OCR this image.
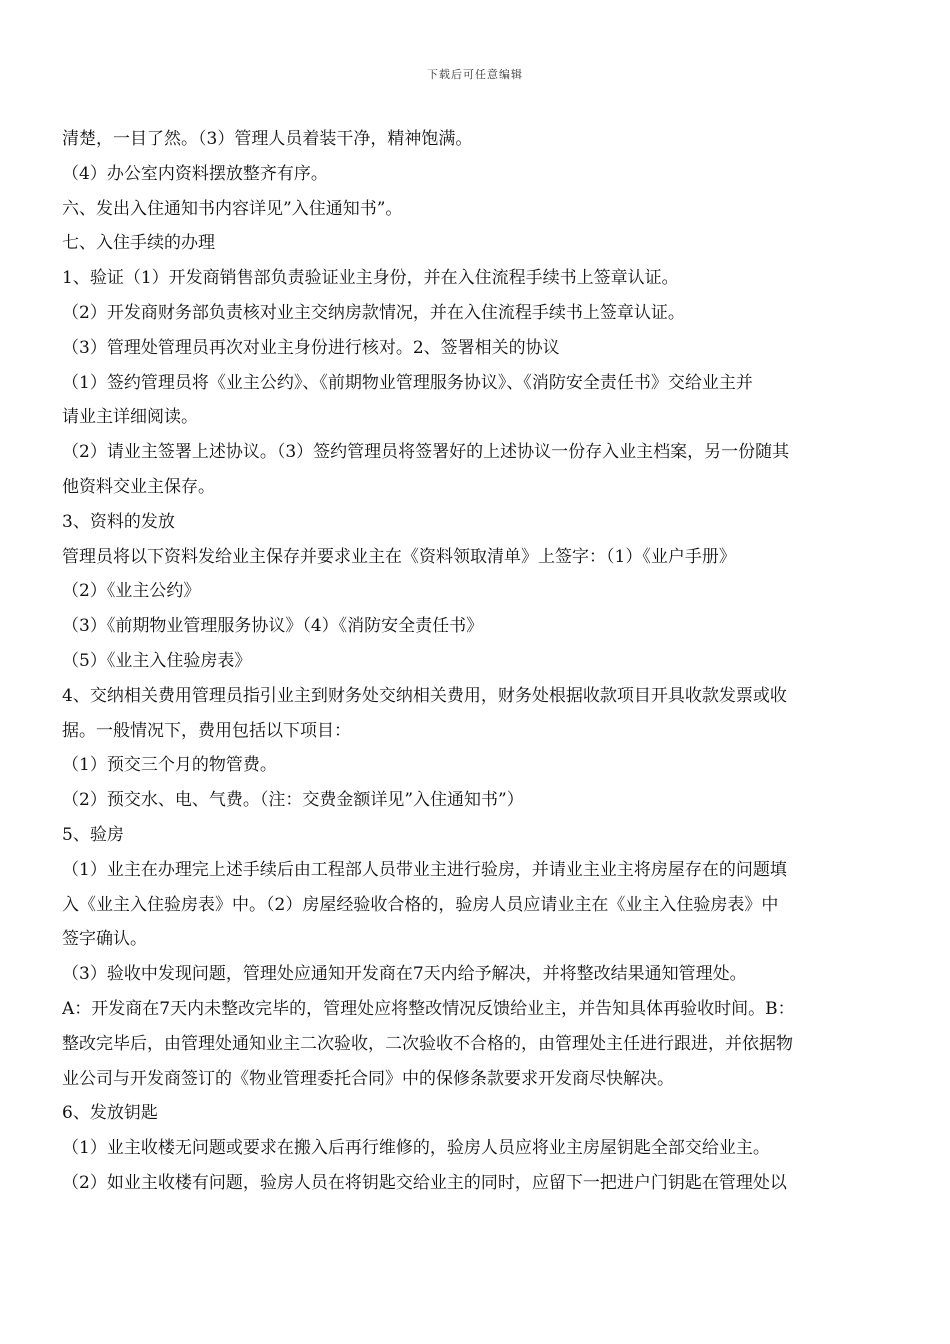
下载后可任意编辑
清楚，一目了然。（3）管理人员着装干净，精神饱满。
（4）办公室内资料摆放整齐有序。
六、发出入住通知书内容详见”入住通知书”。
七、入住手续的办理
1、验证（1）开发商销售部负责验证业主身份，并在入住流程手续书上签章认证。
（2）开发商财务部负责核对业主交纳房款情况，并在入住流程手续书上签章认证。
（3）管理处管理员再次对业主身份进行核对。2、签署相关的协议
（1）签约管理员将《业主公约》、《前期物业管理服务协议》、《消防安全责任书》交给业主并
请业主详细阅读。
（2）请业主签署上述协议。（3）签约管理员将签署好的上述协议一份存入业主档案，另一份随其
他资料交业主保存。
3、资料的发放
管理员将以下资料发给业主保存并要求业主在《资料领取清单》上签字：（1）《业户手册》
（2）《业主公约》
（3）《前期物业管理服务协议》（4）《消防安全责任书》
（5）《业主入住验房表》
4、交纳相关费用管理员指引业主到财务处交纳相关费用，财务处根据收款项目开具收款发票或收
据。一般情况下，费用包括以下项目：
（1）预交三个月的物管费。
（2）预交水、电、气费。（注：交费金额详见”入住通知书”）
5、验房
（1）业主在办理完上述手续后由工程部人员带业主进行验房，并请业主业主将房屋存在的问题填
入《业主入住验房表》中。（2）房屋经验收合格的，验房人员应请业主在《业主入住验房表》中
签字确认。
（3）验收中发现问题，管理处应通知开发商在7天内给予解决，并将整改结果通知管理处。
A：开发商在7天内未整改完毕的，管理处应将整改情况反馈给业主，并告知具体再验收时间。B：
整改完毕后，由管理处通知业主二次验收，二次验收不合格的，由管理处主任进行跟进，并依据物
业公司与开发商签订的《物业管理委托合同》中的保修条款要求开发商尽快解决。
6、发放钥匙
（1）业主收楼无问题或要求在搬入后再行维修的，验房人员应将业主房屋钥匙全部交给业主。
（2）如业主收楼有问题，验房人员在将钥匙交给业主的同时，应留下一把进户门钥匙在管理处以
